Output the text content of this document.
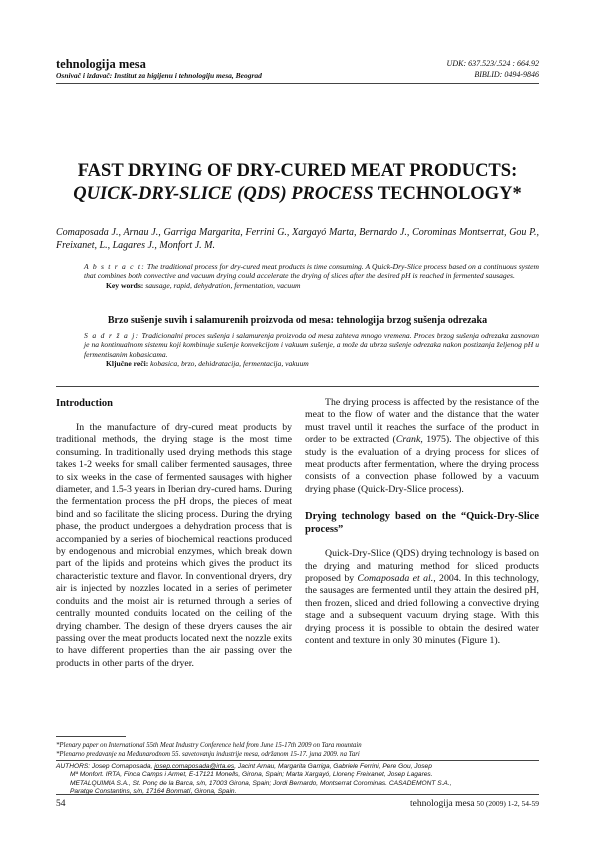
tehnologija mesa
Osnivač i izdavač: Institut za higijenu i tehnologiju mesa, Beograd
UDK: 637.523/.524 : 664.92
BIBLID: 0494-9846
FAST DRYING OF DRY-CURED MEAT PRODUCTS:
QUICK-DRY-SLICE (QDS) PROCESS TECHNOLOGY*
Comaposada J., Arnau J., Garriga Margarita, Ferrini G., Xargayó Marta, Bernardo J., Corominas Montserrat, Gou P., Freixanet, L., Lagares J., Monfort J. M.
A b s t r a c t: The traditional process for dry-cured meat products is time consuming. A Quick-Dry-Slice process based on a continuous system that combines both convective and vacuum drying could accelerate the drying of slices after the desired pH is reached in fermented sausages.
Key words: sausage, rapid, dehydration, fermentation, vacuum
Brzo sušenje suvih i salamurenih proizvoda od mesa: tehnologija brzog sušenja odrezaka
S a d r ž a j: Tradicionalni proces sušenja i salamurenja proizvoda od mesa zahteva mnogo vremena. Proces brzog sušenja odrezaka zasnovan je na kontinualnom sistemu koji kombinuje sušenje konvekcijom i vakuum sušenje, a može da ubrza sušenje odrezaka nakon postizanja željenog pH u fermentisanim kobasicama.
Ključne reči: kobasica, brzo, dehidratacija, fermentacija, vakuum

Introduction

In the manufacture of dry-cured meat products by traditional methods, the drying stage is the most time consuming. In traditionally used drying methods this stage takes 1-2 weeks for small caliber fermented sausages, three to six weeks in the case of fermented sausages with higher diameter, and 1.5-3 years in Iberian dry-cured hams. During the fermentation process the pH drops, the pieces of meat bind and so facilitate the slicing process. During the drying phase, the product undergoes a dehydration process that is accompanied by a series of biochemical reactions produced by endogenous and microbial enzymes, which break down part of the lipids and proteins which gives the product its characteristic texture and flavor. In conventional dryers, dry air is injected by nozzles located in a series of perimeter conduits and the moist air is returned through a series of centrally mounted conduits located on the ceiling of the drying chamber. The design of these dryers causes the air passing over the meat products located next the nozzle exits to have different properties than the air passing over the products in other parts of the dryer.

The drying process is affected by the resistance of the meat to the flow of water and the distance that the water must travel until it reaches the surface of the product in order to be extracted (Crank, 1975). The objective of this study is the evaluation of a drying process for slices of meat products after fermentation, where the drying process consists of a convection phase followed by a vacuum drying phase (Quick-Dry-Slice process).

Drying technology based on the “Quick-Dry-Slice process”

Quick-Dry-Slice (QDS) drying technology is based on the drying and maturing method for sliced products proposed by Comaposada et al., 2004. In this technology, the sausages are fermented until they attain the desired pH, then frozen, sliced and dried following a convective drying stage and a subsequent vacuum drying stage. With this drying process it is possible to obtain the desired water content and texture in only 30 minutes (Figure 1).

*Plenary paper on International 55th Meat Industry Conference held from June 15-17th 2009 on Tara mountain
*Plenarno predavanje na Međunarodnom 55. savetovanju industrije mesa, održanom 15-17. juna 2009. na Tari
AUTHORS: Josep Comaposada, josep.comaposada@irta.es, Jacint Arnau, Margarita Garriga, Gabriele Ferrini, Pere Gou, Josep
Mª Monfort. IRTA, Finca Camps i Armet, E-17121 Monells, Girona, Spain; Marta Xargayó, Llorenç Freixanet, Josep Lagares.
METALQUIMIA S.A., St. Ponç de la Barca, s/n, 17003 Girona, Spain; Jordi Bernardo, Montserrat Corominas. CASADEMONT S.A.,
Paratge Constantins, s/n, 17164 Bonmatí, Girona, Spain.
54	tehnologija mesa 50 (2009) 1-2, 54-59
